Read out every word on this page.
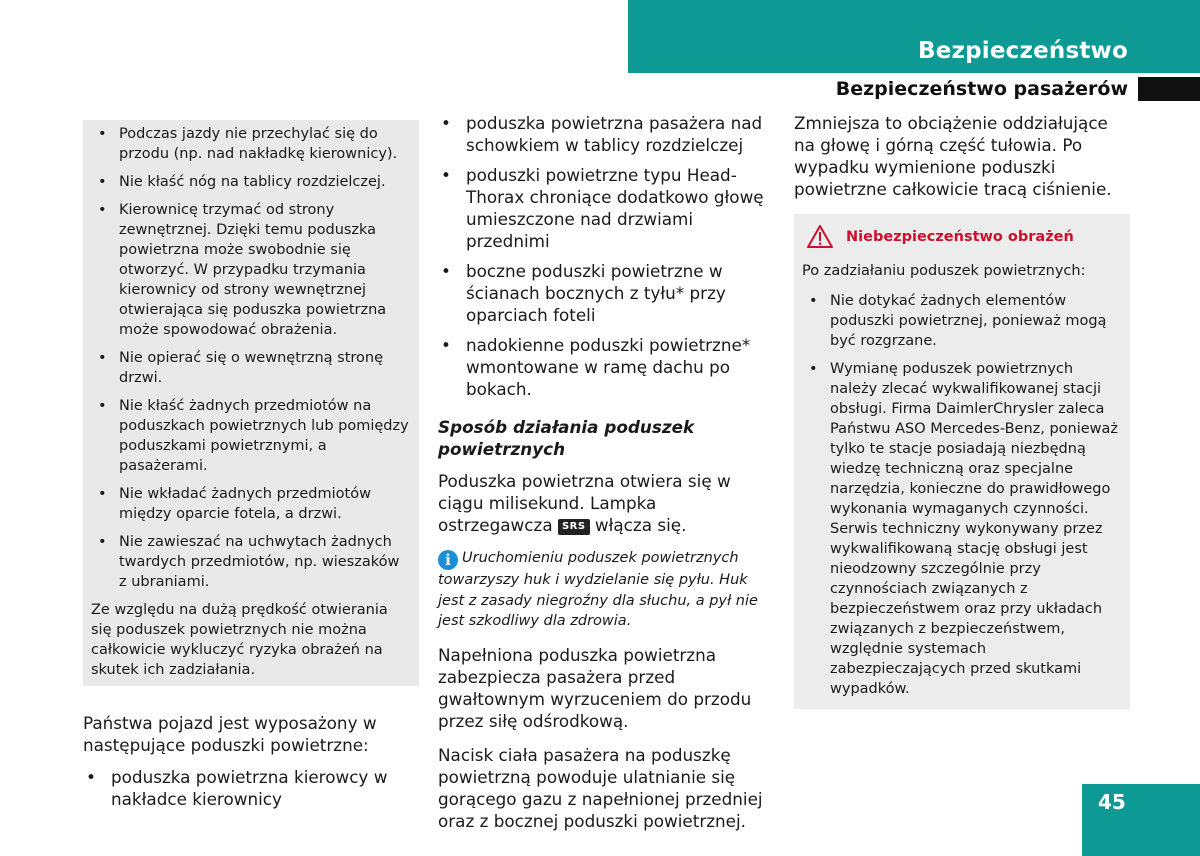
Bezpieczeństwo
Bezpieczeństwo pasażerów
• Podczas jazdy nie przechylać się do przodu (np. nad nakładkę kierownicy).
• Nie kłaść nóg na tablicy rozdzielczej.
• Kierownicę trzymać od strony zewnętrznej. Dzięki temu poduszka powietrzna może swobodnie się otworzyć. W przypadku trzymania kierownicy od strony wewnętrznej otwierająca się poduszka powietrzna może spowodować obrażenia.
• Nie opierać się o wewnętrzną stronę drzwi.
• Nie kłaść żadnych przedmiotów na poduszkach powietrznych lub pomiędzy poduszkami powietrznymi, a pasażerami.
• Nie wkładać żadnych przedmiotów między oparcie fotela, a drzwi.
• Nie zawieszać na uchwytach żadnych twardych przedmiotów, np. wieszaków z ubraniami.

Ze względu na dużą prędkość otwierania się poduszek powietrznych nie można całkowicie wykluczyć ryzyka obrażeń na skutek ich zadziałania.

Państwa pojazd jest wyposażony w następujące poduszki powietrzne:

• poduszka powietrzna kierowcy w nakładce kierownicy
• poduszka powietrzna pasażera nad schowkiem w tablicy rozdzielczej
• poduszki powietrzne typu Head-Thorax chroniące dodatkowo głowę umieszczone nad drzwiami przednimi
• boczne poduszki powietrzne w ścianach bocznych z tyłu* przy oparciach foteli
• nadokienne poduszki powietrzne* wmontowane w ramę dachu po bokach.
Sposób działania poduszek powietrznych

Poduszka powietrzna otwiera się w ciągu milisekund. Lampka ostrzegawcza SRS włącza się.

i Uruchomieniu poduszek powietrznych towarzyszy huk i wydzielanie się pyłu. Huk jest z zasady niegroźny dla słuchu, a pył nie jest szkodliwy dla zdrowia.

Napełniona poduszka powietrzna zabezpiecza pasażera przed gwałtownym wyrzuceniem do przodu przez siłę odśrodkową.

Nacisk ciała pasażera na poduszkę powietrzną powoduje ulatnianie się gorącego gazu z napełnionej przedniej oraz z bocznej poduszki powietrznej.

Zmniejsza to obciążenie oddziałujące na głowę i górną część tułowia. Po wypadku wymienione poduszki powietrzne całkowicie tracą ciśnienie.

Niebezpieczeństwo obrażeń

Po zadziałaniu poduszek powietrznych:

• Nie dotykać żadnych elementów poduszki powietrznej, ponieważ mogą być rozgrzane.
• Wymianę poduszek powietrznych należy zlecać wykwalifikowanej stacji obsługi. Firma DaimlerChrysler zaleca Państwu ASO Mercedes-Benz, ponieważ tylko te stacje posiadają niezbędną wiedzę techniczną oraz specjalne narzędzia, konieczne do prawidłowego wykonania wymaganych czynności. Serwis techniczny wykonywany przez wykwalifikowaną stację obsługi jest nieodzowny szczególnie przy czynnościach związanych z bezpieczeństwem oraz przy układach związanych z bezpieczeństwem, względnie systemach zabezpieczających przed skutkami wypadków.
45
